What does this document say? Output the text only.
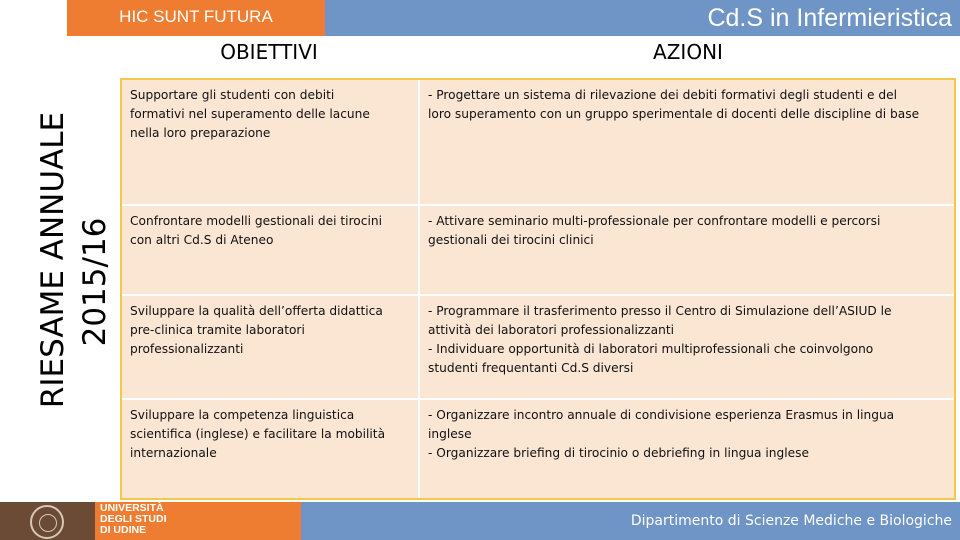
HIC SUNT FUTURA	Cd.S in Infermieristica
RIESAME ANNUALE 2015/16
OBIETTIVI	AZIONI
Supportare gli studenti con debiti
formativi nel superamento delle lacune
nella loro preparazione
- Progettare un sistema di rilevazione dei debiti formativi degli studenti e del
loro superamento con un gruppo sperimentale di docenti delle discipline di base
Confrontare modelli gestionali dei tirocini
con altri Cd.S di Ateneo
- Attivare seminario multi-professionale per confrontare modelli e percorsi
gestionali dei tirocini clinici
Sviluppare la qualità dell’offerta didattica
pre-clinica tramite laboratori
professionalizzanti
- Programmare il trasferimento presso il Centro di Simulazione dell’ASIUD le
attività dei laboratori professionalizzanti
- Individuare opportunità di laboratori multiprofessionali che coinvolgono
studenti frequentanti Cd.S diversi
Sviluppare la competenza linguistica
scientifica (inglese) e facilitare la mobilità
internazionale
- Organizzare incontro annuale di condivisione esperienza Erasmus in lingua
inglese
- Organizzare briefing di tirocinio o debriefing in lingua inglese
UNIVERSITÀ
DEGLI STUDI
DI UDINE
Dipartimento di Scienze Mediche e Biologiche
